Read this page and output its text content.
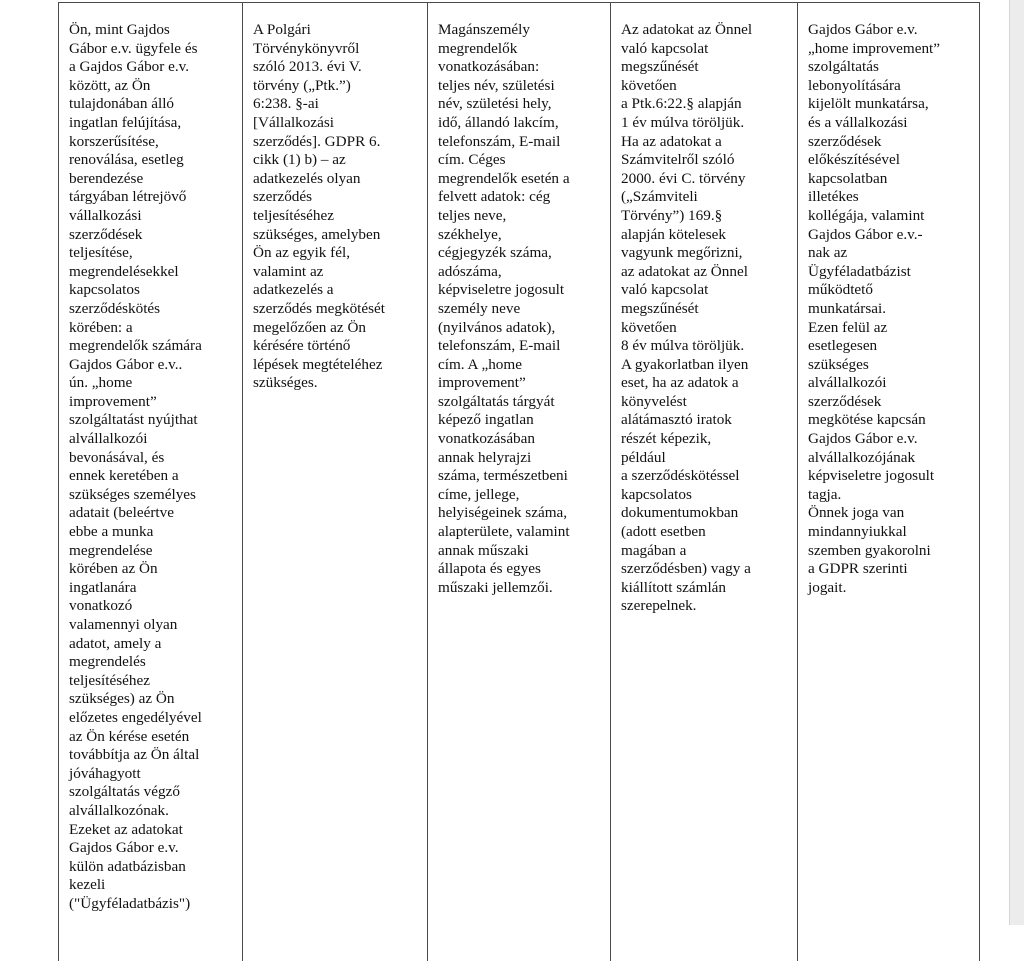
Ön, mint Gajdos
Gábor e.v. ügyfele és
a Gajdos Gábor e.v.
között, az Ön
tulajdonában álló
ingatlan felújítása,
korszerűsítése,
renoválása, esetleg
berendezése
tárgyában létrejövő
vállalkozási
szerződések
teljesítése,
megrendelésekkel
kapcsolatos
szerződéskötés
körében: a
megrendelők számára
Gajdos Gábor e.v..
ún. „home
improvement”
szolgáltatást nyújthat
alvállalkozói
bevonásával, és
ennek keretében a
szükséges személyes
adatait (beleértve
ebbe a munka
megrendelése
körében az Ön
ingatlanára
vonatkozó
valamennyi olyan
adatot, amely a
megrendelés
teljesítéséhez
szükséges) az Ön
előzetes engedélyével
az Ön kérése esetén
továbbítja az Ön által
jóváhagyott
szolgáltatás végző
alvállalkozónak.
Ezeket az adatokat
Gajdos Gábor e.v.
külön adatbázisban
kezeli
("Ügyféladatbázis")

A Polgári
Törvénykönyvről
szóló 2013. évi V.
törvény („Ptk.”)
6:238. §-ai
[Vállalkozási
szerződés]. GDPR 6.
cikk (1) b) – az
adatkezelés olyan
szerződés
teljesítéséhez
szükséges, amelyben
Ön az egyik fél,
valamint az
adatkezelés a
szerződés megkötését
megelőzően az Ön
kérésére történő
lépések megtételéhez
szükséges.

Magánszemély
megrendelők
vonatkozásában:
teljes név, születési
név, születési hely,
idő, állandó lakcím,
telefonszám, E-mail
cím. Céges
megrendelők esetén a
felvett adatok: cég
teljes neve,
székhelye,
cégjegyzék száma,
adószáma,
képviseletre jogosult
személy neve
(nyilvános adatok),
telefonszám, E-mail
cím. A „home
improvement”
szolgáltatás tárgyát
képező ingatlan
vonatkozásában
annak helyrajzi
száma, természetbeni
címe, jellege,
helyiségeinek száma,
alapterülete, valamint
annak műszaki
állapota és egyes
műszaki jellemzői.

Az adatokat az Önnel
való kapcsolat
megszűnését
követően
a Ptk.6:22.§ alapján
1 év múlva töröljük.
Ha az adatokat a
Számvitelről szóló
2000. évi C. törvény
(„Számviteli
Törvény”) 169.§
alapján kötelesek
vagyunk megőrizni,
az adatokat az Önnel
való kapcsolat
megszűnését
követően
8 év múlva töröljük.
A gyakorlatban ilyen
eset, ha az adatok a
könyvelést
alátámasztó iratok
részét képezik,
például
a szerződéskötéssel
kapcsolatos
dokumentumokban
(adott esetben
magában a
szerződésben) vagy a
kiállított számlán
szerepelnek.

Gajdos Gábor e.v.
„home improvement”
szolgáltatás
lebonyolítására
kijelölt munkatársa,
és a vállalkozási
szerződések
előkészítésével
kapcsolatban
illetékes
kollégája, valamint
Gajdos Gábor e.v.-
nak az
Ügyféladatbázist
működtető
munkatársai.
Ezen felül az
esetlegesen
szükséges
alvállalkozói
szerződések
megkötése kapcsán
Gajdos Gábor e.v.
alvállalkozójának
képviseletre jogosult
tagja.
Önnek joga van
mindannyiukkal
szemben gyakorolni
a GDPR szerinti
jogait.
